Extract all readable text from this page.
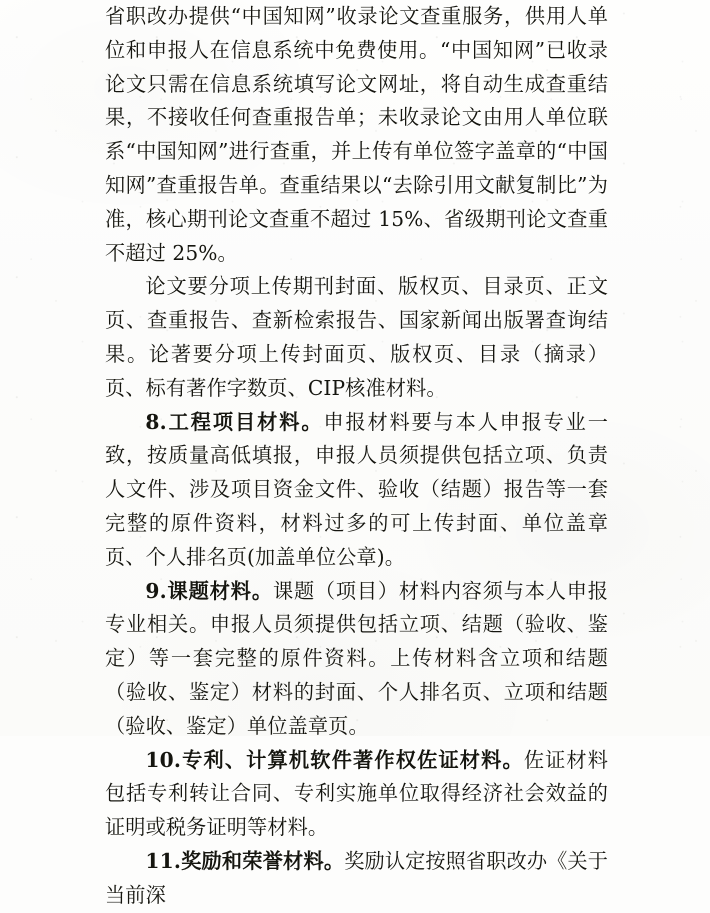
省职改办提供“中国知网”收录论文查重服务，供用人单位和申报人在信息系统中免费使用。“中国知网”已收录论文只需在信息系统填写论文网址，将自动生成查重结果，不接收任何查重报告单；未收录论文由用人单位联系“中国知网”进行查重，并上传有单位签字盖章的“中国知网”查重报告单。查重结果以“去除引用文献复制比”为准，核心期刊论文查重不超过 15%、省级期刊论文查重不超过 25%。

论文要分项上传期刊封面、版权页、目录页、正文页、查重报告、查新检索报告、国家新闻出版署查询结果。论著要分项上传封面页、版权页、目录（摘录）页、标有著作字数页、CIP核准材料。

8.工程项目材料。申报材料要与本人申报专业一致，按质量高低填报，申报人员须提供包括立项、负责人文件、涉及项目资金文件、验收（结题）报告等一套完整的原件资料，材料过多的可上传封面、单位盖章页、个人排名页(加盖单位公章)。

9.课题材料。课题（项目）材料内容须与本人申报专业相关。申报人员须提供包括立项、结题（验收、鉴定）等一套完整的原件资料。上传材料含立项和结题（验收、鉴定）材料的封面、个人排名页、立项和结题（验收、鉴定）单位盖章页。

10.专利、计算机软件著作权佐证材料。佐证材料包括专利转让合同、专利实施单位取得经济社会效益的证明或税务证明等材料。

11.奖励和荣誉材料。奖励认定按照省职改办《关于当前深
